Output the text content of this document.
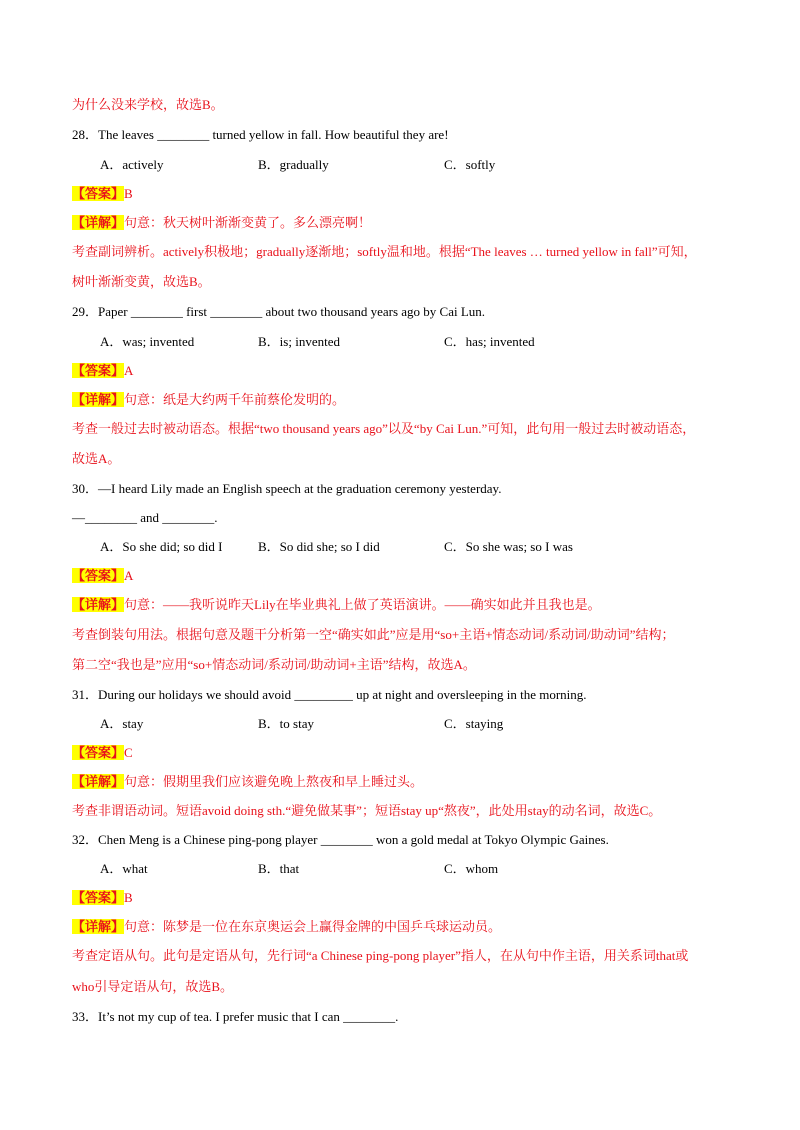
为什么没来学校，故选B。
28．The leaves ________ turned yellow in fall. How beautiful they are!
A．actively	B．gradually	C．softly
【答案】B
【详解】句意：秋天树叶渐渐变黄了。多么漂亮啊！
考查副词辨析。actively积极地；gradually逐渐地；softly温和地。根据“The leaves … turned yellow in fall”可知，
树叶渐渐变黄，故选B。
29．Paper ________ first ________ about two thousand years ago by Cai Lun.
A．was; invented	B．is; invented	C．has; invented
【答案】A
【详解】句意：纸是大约两千年前蔡伦发明的。
考查一般过去时被动语态。根据“two thousand years ago”以及“by Cai Lun.”可知，此句用一般过去时被动语态，
故选A。
30．—I heard Lily made an English speech at the graduation ceremony yesterday.
—________ and ________.
A．So she did; so did I	B．So did she; so I did	C．So she was; so I was
【答案】A
【详解】句意：——我听说昨天Lily在毕业典礼上做了英语演讲。——确实如此并且我也是。
考查倒装句用法。根据句意及题干分析第一空“确实如此”应是用“so+主语+情态动词/系动词/助动词”结构；
第二空“我也是”应用“so+情态动词/系动词/助动词+主语”结构，故选A。
31．During our holidays we should avoid _________ up at night and oversleeping in the morning.
A．stay	B．to stay	C．staying
【答案】C
【详解】句意：假期里我们应该避免晚上熬夜和早上睡过头。
考查非谓语动词。短语avoid doing sth.“避免做某事”；短语stay up“熬夜”，此处用stay的动名词，故选C。
32．Chen Meng is a Chinese ping-pong player ________ won a gold medal at Tokyo Olympic Gaines.
A．what	B．that	C．whom
【答案】B
【详解】句意：陈梦是一位在东京奥运会上赢得金牌的中国乒乓球运动员。
考查定语从句。此句是定语从句，先行词“a Chinese ping-pong player”指人，在从句中作主语，用关系词that或
who引导定语从句，故选B。
33．It’s not my cup of tea. I prefer music that I can ________.
